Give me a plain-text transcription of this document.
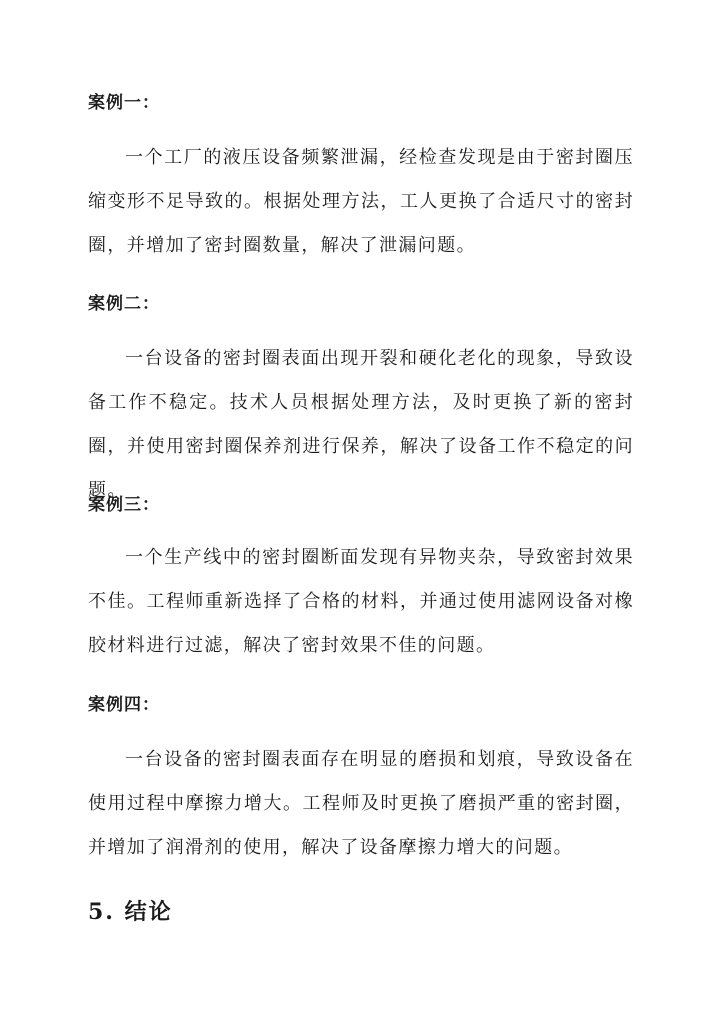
案例一：

一个工厂的液压设备频繁泄漏，经检查发现是由于密封圈压缩变形不足导致的。根据处理方法，工人更换了合适尺寸的密封圈，并增加了密封圈数量，解决了泄漏问题。

案例二：

一台设备的密封圈表面出现开裂和硬化老化的现象，导致设备工作不稳定。技术人员根据处理方法，及时更换了新的密封圈，并使用密封圈保养剂进行保养，解决了设备工作不稳定的问题。

案例三：

一个生产线中的密封圈断面发现有异物夹杂，导致密封效果不佳。工程师重新选择了合格的材料，并通过使用滤网设备对橡胶材料进行过滤，解决了密封效果不佳的问题。

案例四：

一台设备的密封圈表面存在明显的磨损和划痕，导致设备在使用过程中摩擦力增大。工程师及时更换了磨损严重的密封圈，并增加了润滑剂的使用，解决了设备摩擦力增大的问题。

5. 结论
